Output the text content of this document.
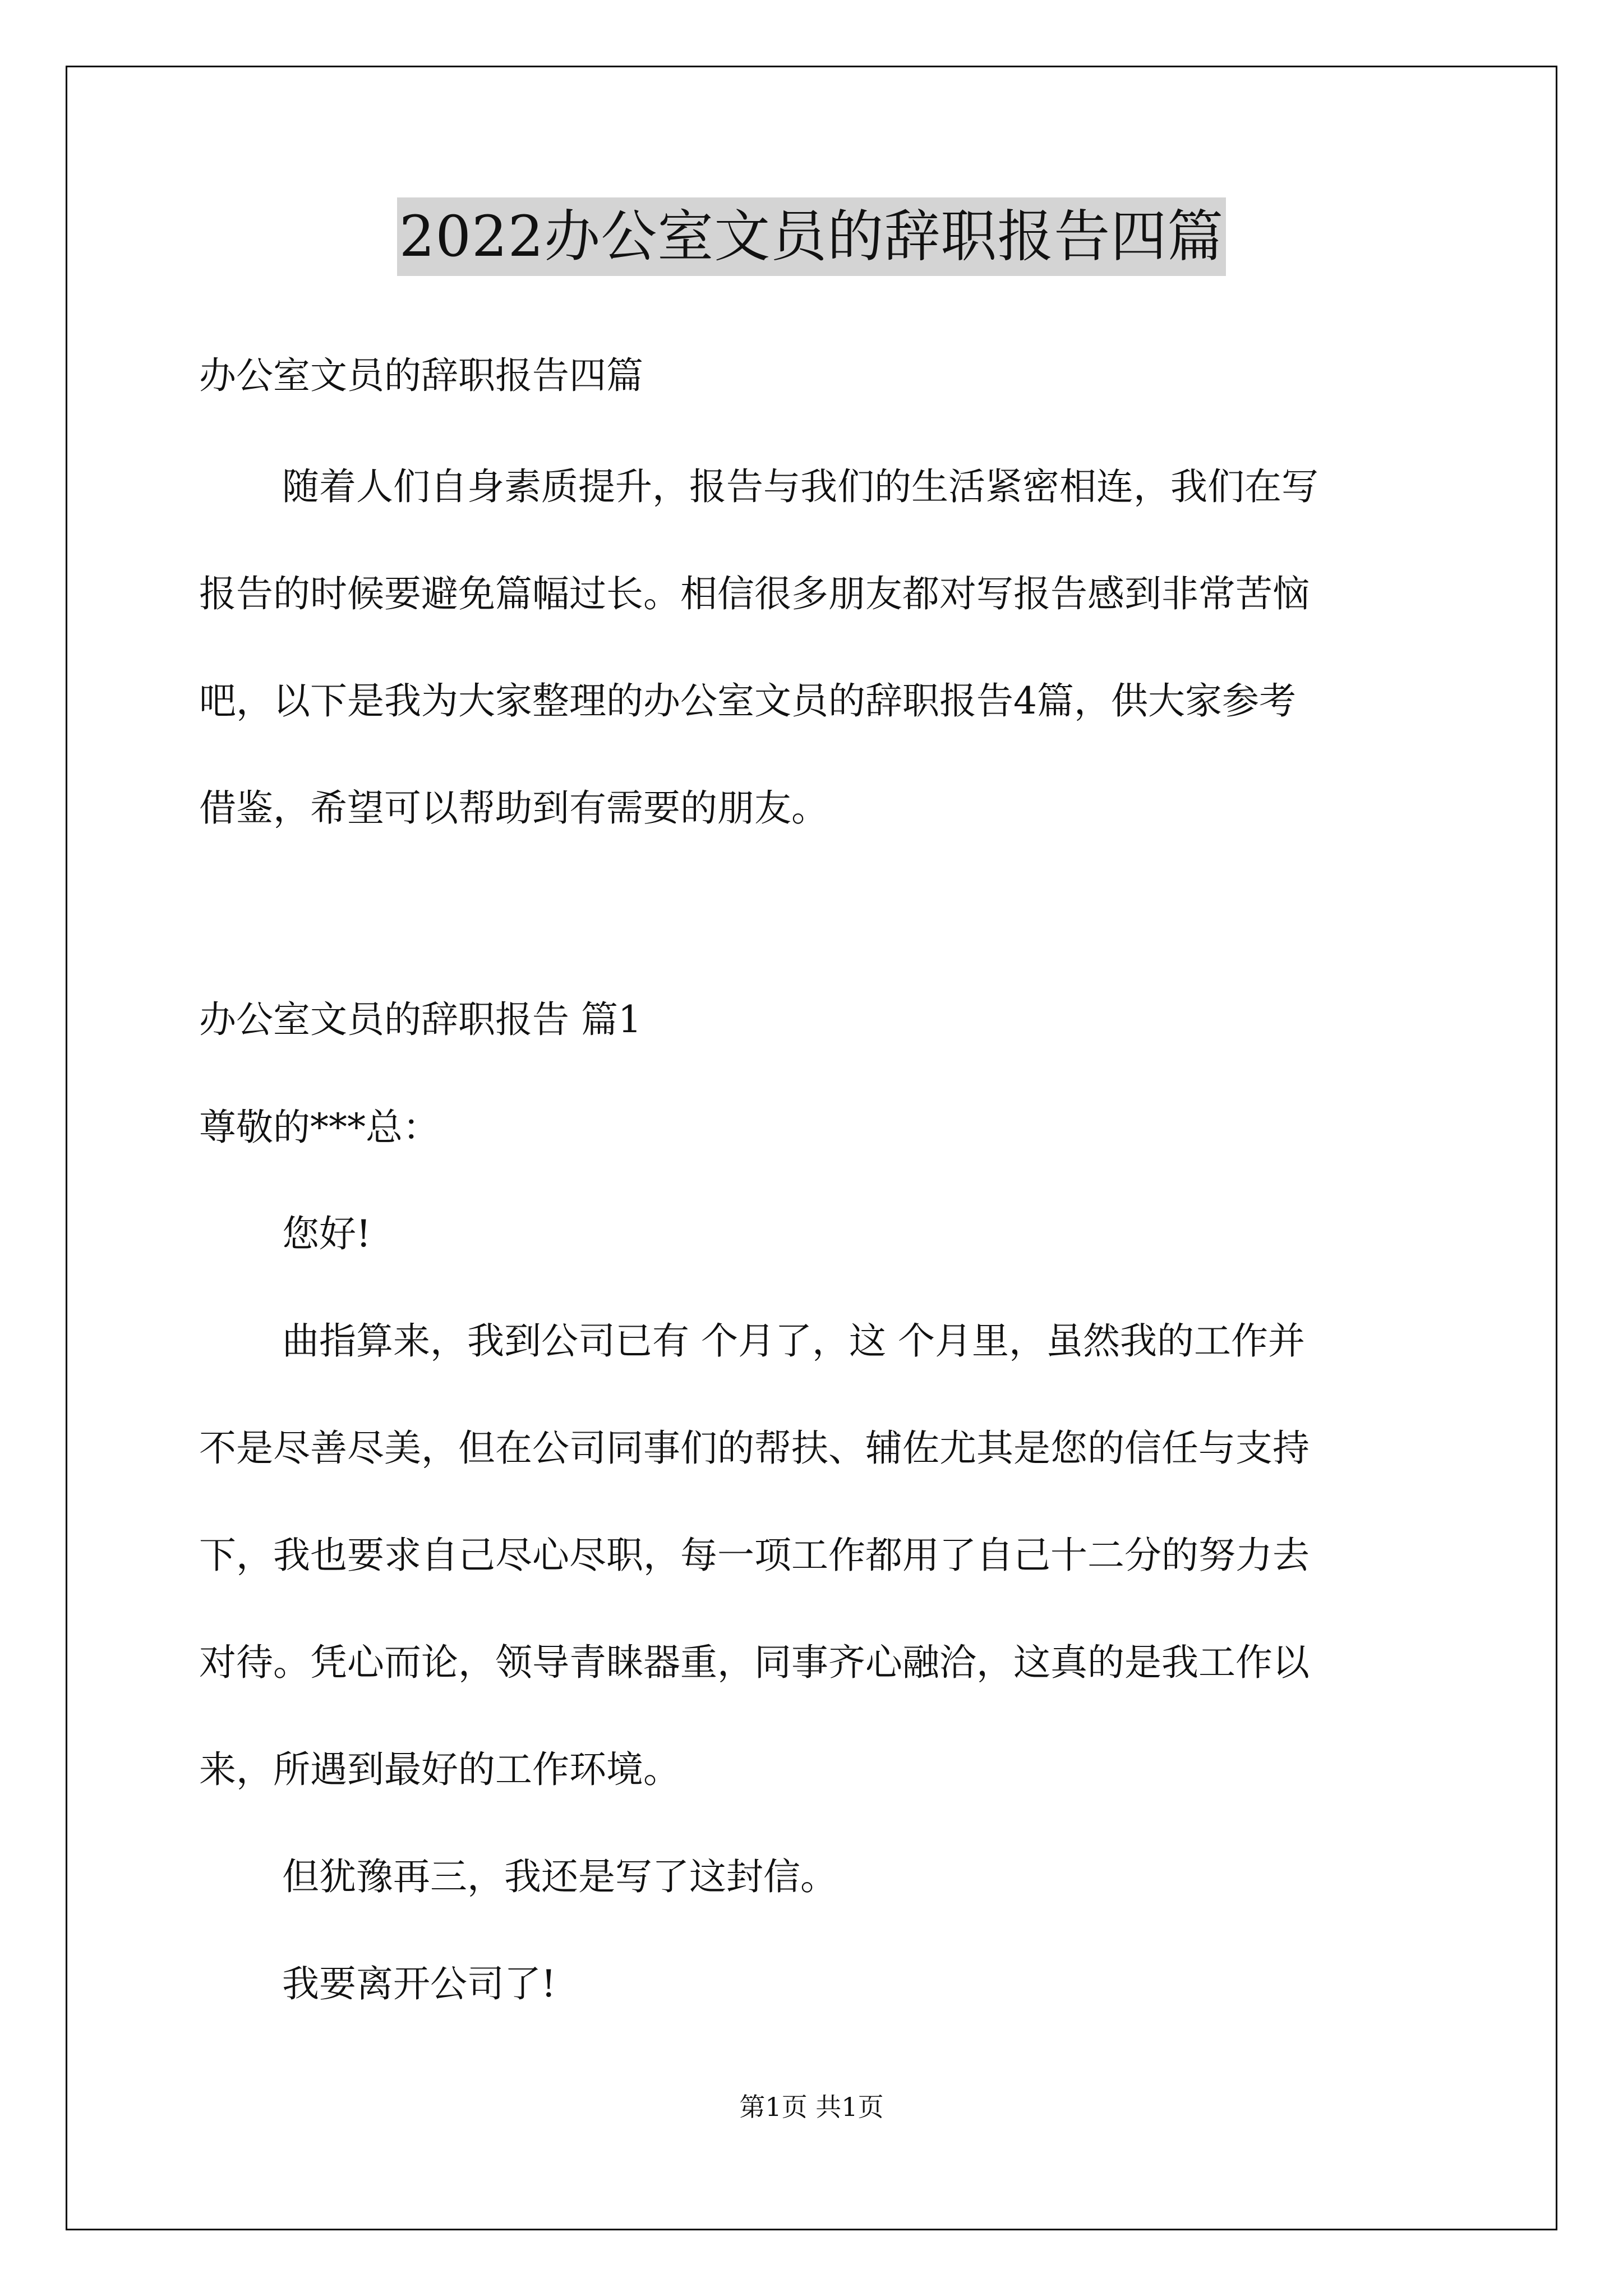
2022办公室文员的辞职报告四篇

办公室文员的辞职报告四篇

随着人们自身素质提升，报告与我们的生活紧密相连，我们在写

报告的时候要避免篇幅过长。相信很多朋友都对写报告感到非常苦恼

吧，以下是我为大家整理的办公室文员的辞职报告4篇，供大家参考

借鉴，希望可以帮助到有需要的朋友。

办公室文员的辞职报告 篇1

尊敬的***总：

您好!

曲指算来，我到公司已有 个月了，这 个月里，虽然我的工作并

不是尽善尽美，但在公司同事们的帮扶、辅佐尤其是您的信任与支持

下，我也要求自己尽心尽职，每一项工作都用了自己十二分的努力去

对待。凭心而论，领导青睐器重，同事齐心融洽，这真的是我工作以

来，所遇到最好的工作环境。

但犹豫再三，我还是写了这封信。

我要离开公司了!

第1页 共1页
